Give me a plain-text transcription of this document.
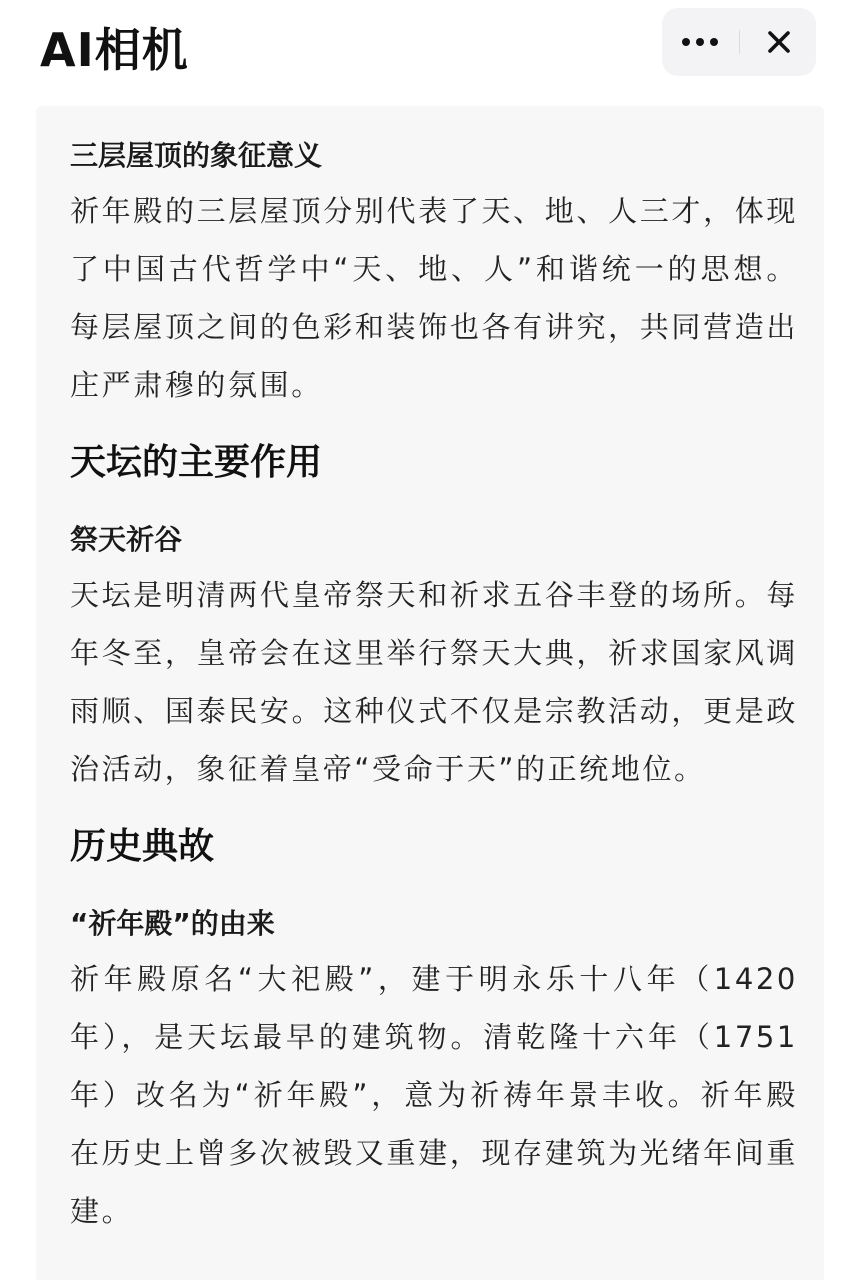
AI相机

三层屋顶的象征意义

祈年殿的三层屋顶分别代表了天、地、人三才，体现了中国古代哲学中“天、地、人”和谐统一的思想。每层屋顶之间的色彩和装饰也各有讲究，共同营造出庄严肃穆的氛围。

天坛的主要作用

祭天祈谷

天坛是明清两代皇帝祭天和祈求五谷丰登的场所。每年冬至，皇帝会在这里举行祭天大典，祈求国家风调雨顺、国泰民安。这种仪式不仅是宗教活动，更是政治活动，象征着皇帝“受命于天”的正统地位。

历史典故

“祈年殿”的由来

祈年殿原名“大祀殿”，建于明永乐十八年（1420年），是天坛最早的建筑物。清乾隆十六年（1751年）改名为“祈年殿”，意为祈祷年景丰收。祈年殿在历史上曾多次被毁又重建，现存建筑为光绪年间重建。
